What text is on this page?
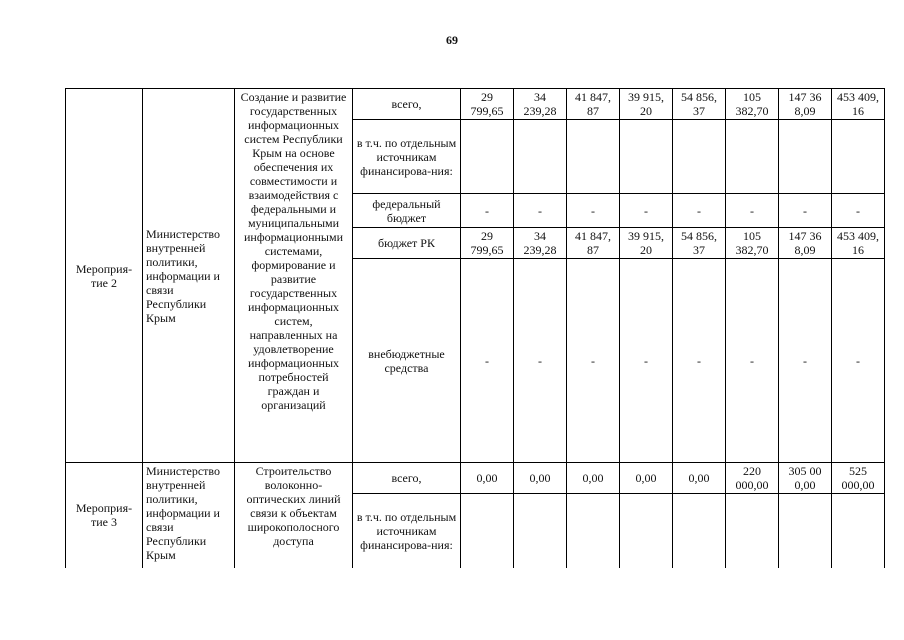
69
Мероприя-тие 2	Министерство внутренней политики, информации и связи Республики Крым	Создание и развитие государственных информационных систем Республики Крым на основе обеспечения их совместимости и взаимодействия с федеральными и муниципальными информационными системами, формирование и развитие государственных информационных систем, направленных на удовлетворение информационных потребностей граждан и организаций	всего,	29 799,65	34 239,28	41 847, 87	39 915, 20	54 856, 37	105 382,70	147 36 8,09	453 409, 16
			в т.ч. по отдельным источникам финансирова-ния:								
			федеральный бюджет	-	-	-	-	-	-	-	-
			бюджет РК	29 799,65	34 239,28	41 847, 87	39 915, 20	54 856, 37	105 382,70	147 36 8,09	453 409, 16
			внебюджетные средства	-	-	-	-	-	-	-	-
Мероприя-тие 3	Министерство внутренней политики, информации и связи Республики Крым	Строительство волоконно-оптических линий связи к объектам широкополосного доступа	всего,	0,00	0,00	0,00	0,00	0,00	220 000,00	305 00 0,00	525 000,00
			в т.ч. по отдельным источникам финансирова-ния:								
